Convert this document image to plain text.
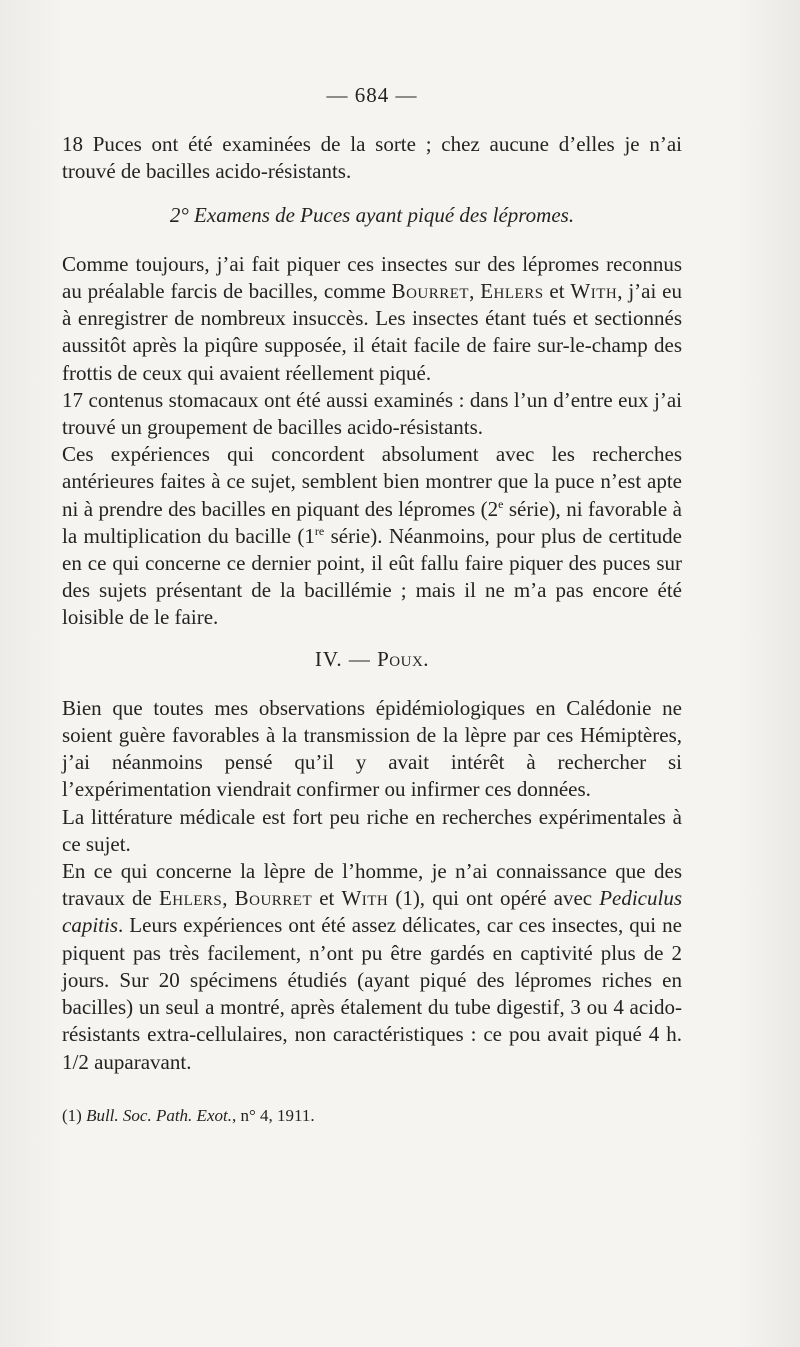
— 684 —

18 Puces ont été examinées de la sorte ; chez aucune d’elles je n’ai trouvé de bacilles acido-résistants.

2° Examens de Puces ayant piqué des lépromes.

Comme toujours, j’ai fait piquer ces insectes sur des lépromes reconnus au préalable farcis de bacilles, comme Bourret, Ehlers et With, j’ai eu à enregistrer de nombreux insuccès. Les insectes étant tués et sectionnés aussitôt après la piqûre supposée, il était facile de faire sur-le-champ des frottis de ceux qui avaient réellement piqué.

17 contenus stomacaux ont été aussi examinés : dans l’un d’entre eux j’ai trouvé un groupement de bacilles acido-résistants.

Ces expériences qui concordent absolument avec les recherches antérieures faites à ce sujet, semblent bien montrer que la puce n’est apte ni à prendre des bacilles en piquant des lépromes (2e série), ni favorable à la multiplication du bacille (1re série). Néanmoins, pour plus de certitude en ce qui concerne ce dernier point, il eût fallu faire piquer des puces sur des sujets présentant de la bacillémie ; mais il ne m’a pas encore été loisible de le faire.

IV. — Poux.

Bien que toutes mes observations épidémiologiques en Calédonie ne soient guère favorables à la transmission de la lèpre par ces Hémiptères, j’ai néanmoins pensé qu’il y avait intérêt à rechercher si l’expérimentation viendrait confirmer ou infirmer ces données.

La littérature médicale est fort peu riche en recherches expérimentales à ce sujet.

En ce qui concerne la lèpre de l’homme, je n’ai connaissance que des travaux de Ehlers, Bourret et With (1), qui ont opéré avec Pediculus capitis. Leurs expériences ont été assez délicates, car ces insectes, qui ne piquent pas très facilement, n’ont pu être gardés en captivité plus de 2 jours. Sur 20 spécimens étudiés (ayant piqué des lépromes riches en bacilles) un seul a montré, après étalement du tube digestif, 3 ou 4 acido-résistants extra-cellulaires, non caractéristiques : ce pou avait piqué 4 h. 1/2 auparavant.

(1) Bull. Soc. Path. Exot., n° 4, 1911.
